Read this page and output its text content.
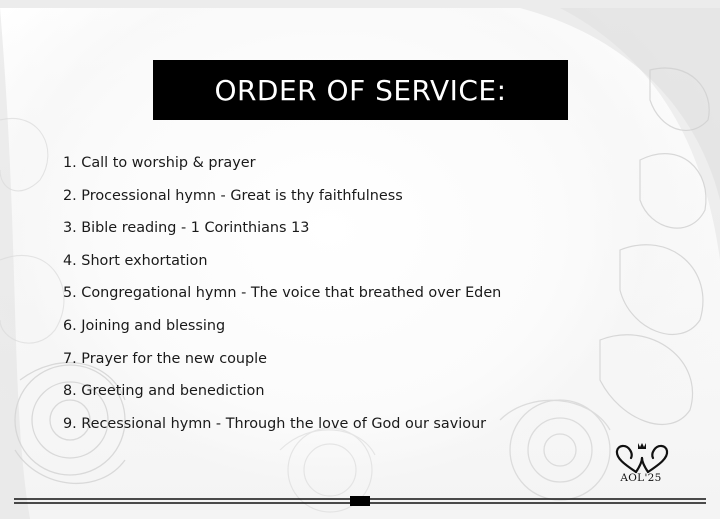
ORDER OF SERVICE:
1. Call to worship & prayer
2. Processional hymn - Great is thy faithfulness
3. Bible reading - 1 Corinthians 13
4. Short exhortation
5. Congregational hymn - The voice that breathed over Eden
6. Joining and blessing
7. Prayer for the new couple
8. Greeting and benediction
9. Recessional hymn - Through the love of God our saviour
AOL'25
